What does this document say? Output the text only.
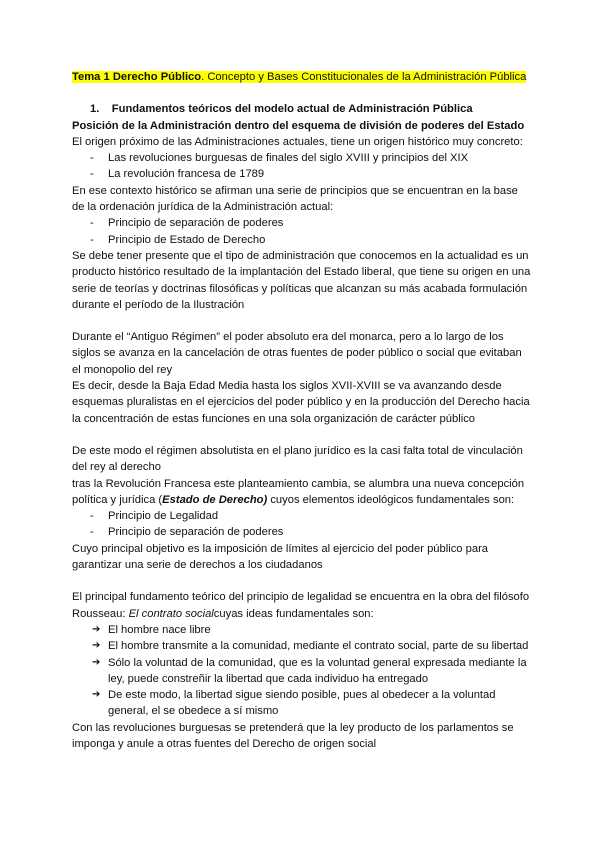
Tema 1 Derecho Público. Concepto y Bases Constitucionales de la Administración Pública

1. Fundamentos teóricos del modelo actual de Administración Pública

Posición de la Administración dentro del esquema de división de poderes del Estado

El origen próximo de las Administraciones actuales, tiene un origen histórico muy concreto:

- Las revoluciones burguesas de finales del siglo XVIII y principios del XIX
- La revolución francesa de 1789

En ese contexto histórico se afirman una serie de principios que se encuentran en la base de la ordenación jurídica de la Administración actual:

- Principio de separación de poderes
- Principio de Estado de Derecho

Se debe tener presente que el tipo de administración que conocemos en la actualidad es un producto histórico resultado de la implantación del Estado liberal, que tiene su origen en una serie de teorías y doctrinas filosóficas y políticas que alcanzan su más acabada formulación durante el período de la Ilustración

Durante el “Antiguo Régimen” el poder absoluto era del monarca, pero a lo largo de los siglos se avanza en la cancelación de otras fuentes de poder público o social que evitaban el monopolio del rey

Es decir, desde la Baja Edad Media hasta los siglos XVII-XVIII se va avanzando desde esquemas pluralistas en el ejercicios del poder público y en la producción del Derecho hacia la concentración de estas funciones en una sola organización de carácter público

De este modo el régimen absolutista en el plano jurídico es la casi falta total de vinculación del rey al derecho

tras la Revolución Francesa este planteamiento cambia, se alumbra una nueva concepción política y jurídica (Estado de Derecho) cuyos elementos ideológicos fundamentales son:

- Principio de Legalidad
- Principio de separación de poderes

Cuyo principal objetivo es la imposición de límites al ejercicio del poder público para garantizar una serie de derechos a los ciudadanos

El principal fundamento teórico del principio de legalidad se encuentra en la obra del filósofo Rousseau: El contrato socialcuyas ideas fundamentales son:

➔ El hombre nace libre
➔ El hombre transmite a la comunidad, mediante el contrato social, parte de su libertad
➔ Sólo la voluntad de la comunidad, que es la voluntad general expresada mediante la ley, puede constreñir la libertad que cada individuo ha entregado
➔ De este modo, la libertad sigue siendo posible, pues al obedecer a la voluntad general, el se obedece a sí mismo

Con las revoluciones burguesas se pretenderá que la ley producto de los parlamentos se imponga y anule a otras fuentes del Derecho de origen social
